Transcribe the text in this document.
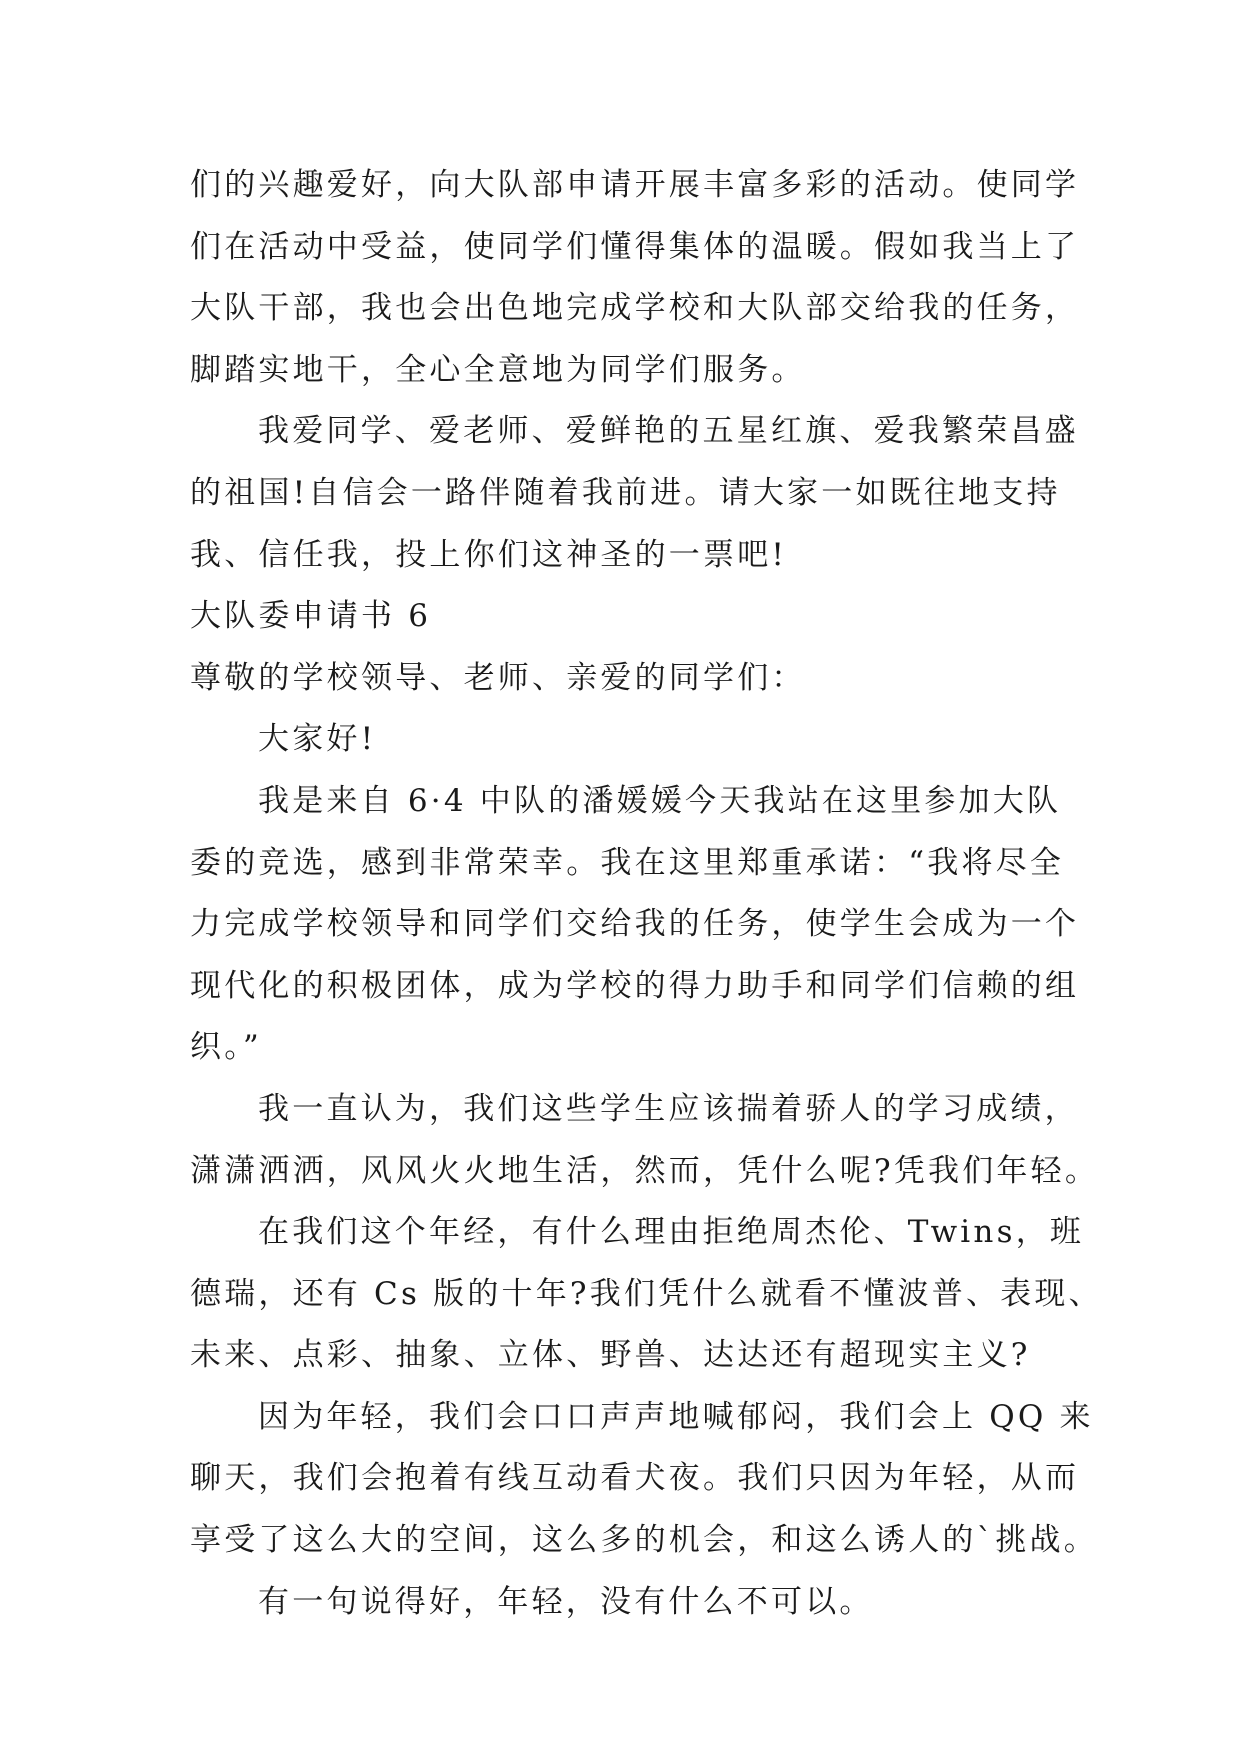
们的兴趣爱好，向大队部申请开展丰富多彩的活动。使同学
们在活动中受益，使同学们懂得集体的温暖。假如我当上了
大队干部，我也会出色地完成学校和大队部交给我的任务，
脚踏实地干，全心全意地为同学们服务。
我爱同学、爱老师、爱鲜艳的五星红旗、爱我繁荣昌盛
的祖国!自信会一路伴随着我前进。请大家一如既往地支持
我、信任我，投上你们这神圣的一票吧!
大队委申请书 6
尊敬的学校领导、老师、亲爱的同学们：
大家好!
我是来自 6·4 中队的潘媛媛今天我站在这里参加大队
委的竞选，感到非常荣幸。我在这里郑重承诺：“我将尽全
力完成学校领导和同学们交给我的任务，使学生会成为一个
现代化的积极团体，成为学校的得力助手和同学们信赖的组
织。”
我一直认为，我们这些学生应该揣着骄人的学习成绩，
潇潇洒洒，风风火火地生活，然而，凭什么呢?凭我们年轻。
在我们这个年经，有什么理由拒绝周杰伦、Twins，班
德瑞，还有 Cs 版的十年?我们凭什么就看不懂波普、表现、
未来、点彩、抽象、立体、野兽、达达还有超现实主义?
因为年轻，我们会口口声声地喊郁闷，我们会上 QQ 来
聊天，我们会抱着有线互动看犬夜。我们只因为年轻，从而
享受了这么大的空间，这么多的机会，和这么诱人的`挑战。
有一句说得好，年轻，没有什么不可以。
